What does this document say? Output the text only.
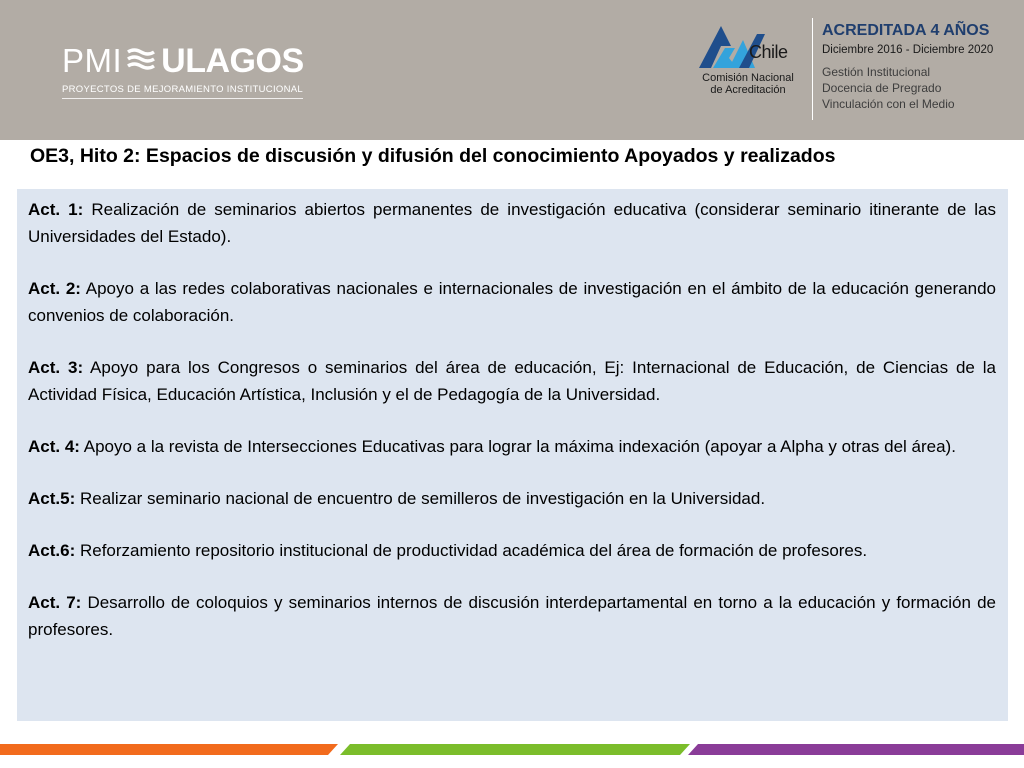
PMI ULAGOS
PROYECTOS DE MEJORAMIENTO INSTITUCIONAL
Chile
Comisión Nacional
de Acreditación
ACREDITADA 4 AÑOS
Diciembre 2016 - Diciembre 2020
Gestión Institucional
Docencia de Pregrado
Vinculación con el Medio
OE3, Hito 2: Espacios de discusión y difusión del conocimiento Apoyados y realizados

Act. 1: Realización de seminarios abiertos permanentes de investigación educativa (considerar seminario itinerante de las Universidades del Estado).

Act. 2: Apoyo a las redes colaborativas nacionales e internacionales de investigación en el ámbito de la educación generando convenios de colaboración.

Act. 3: Apoyo para los Congresos o seminarios del área de educación, Ej: Internacional de Educación, de Ciencias de la Actividad Física, Educación Artística, Inclusión y el de Pedagogía de la Universidad.

Act. 4: Apoyo a la revista de Intersecciones Educativas para lograr la máxima indexación (apoyar a Alpha y otras del área).

Act.5: Realizar seminario nacional de encuentro de semilleros de investigación en la Universidad.

Act.6: Reforzamiento repositorio institucional de productividad académica del área de formación de profesores.

Act. 7: Desarrollo de coloquios y seminarios internos de discusión interdepartamental en torno a la educación y formación de profesores.
